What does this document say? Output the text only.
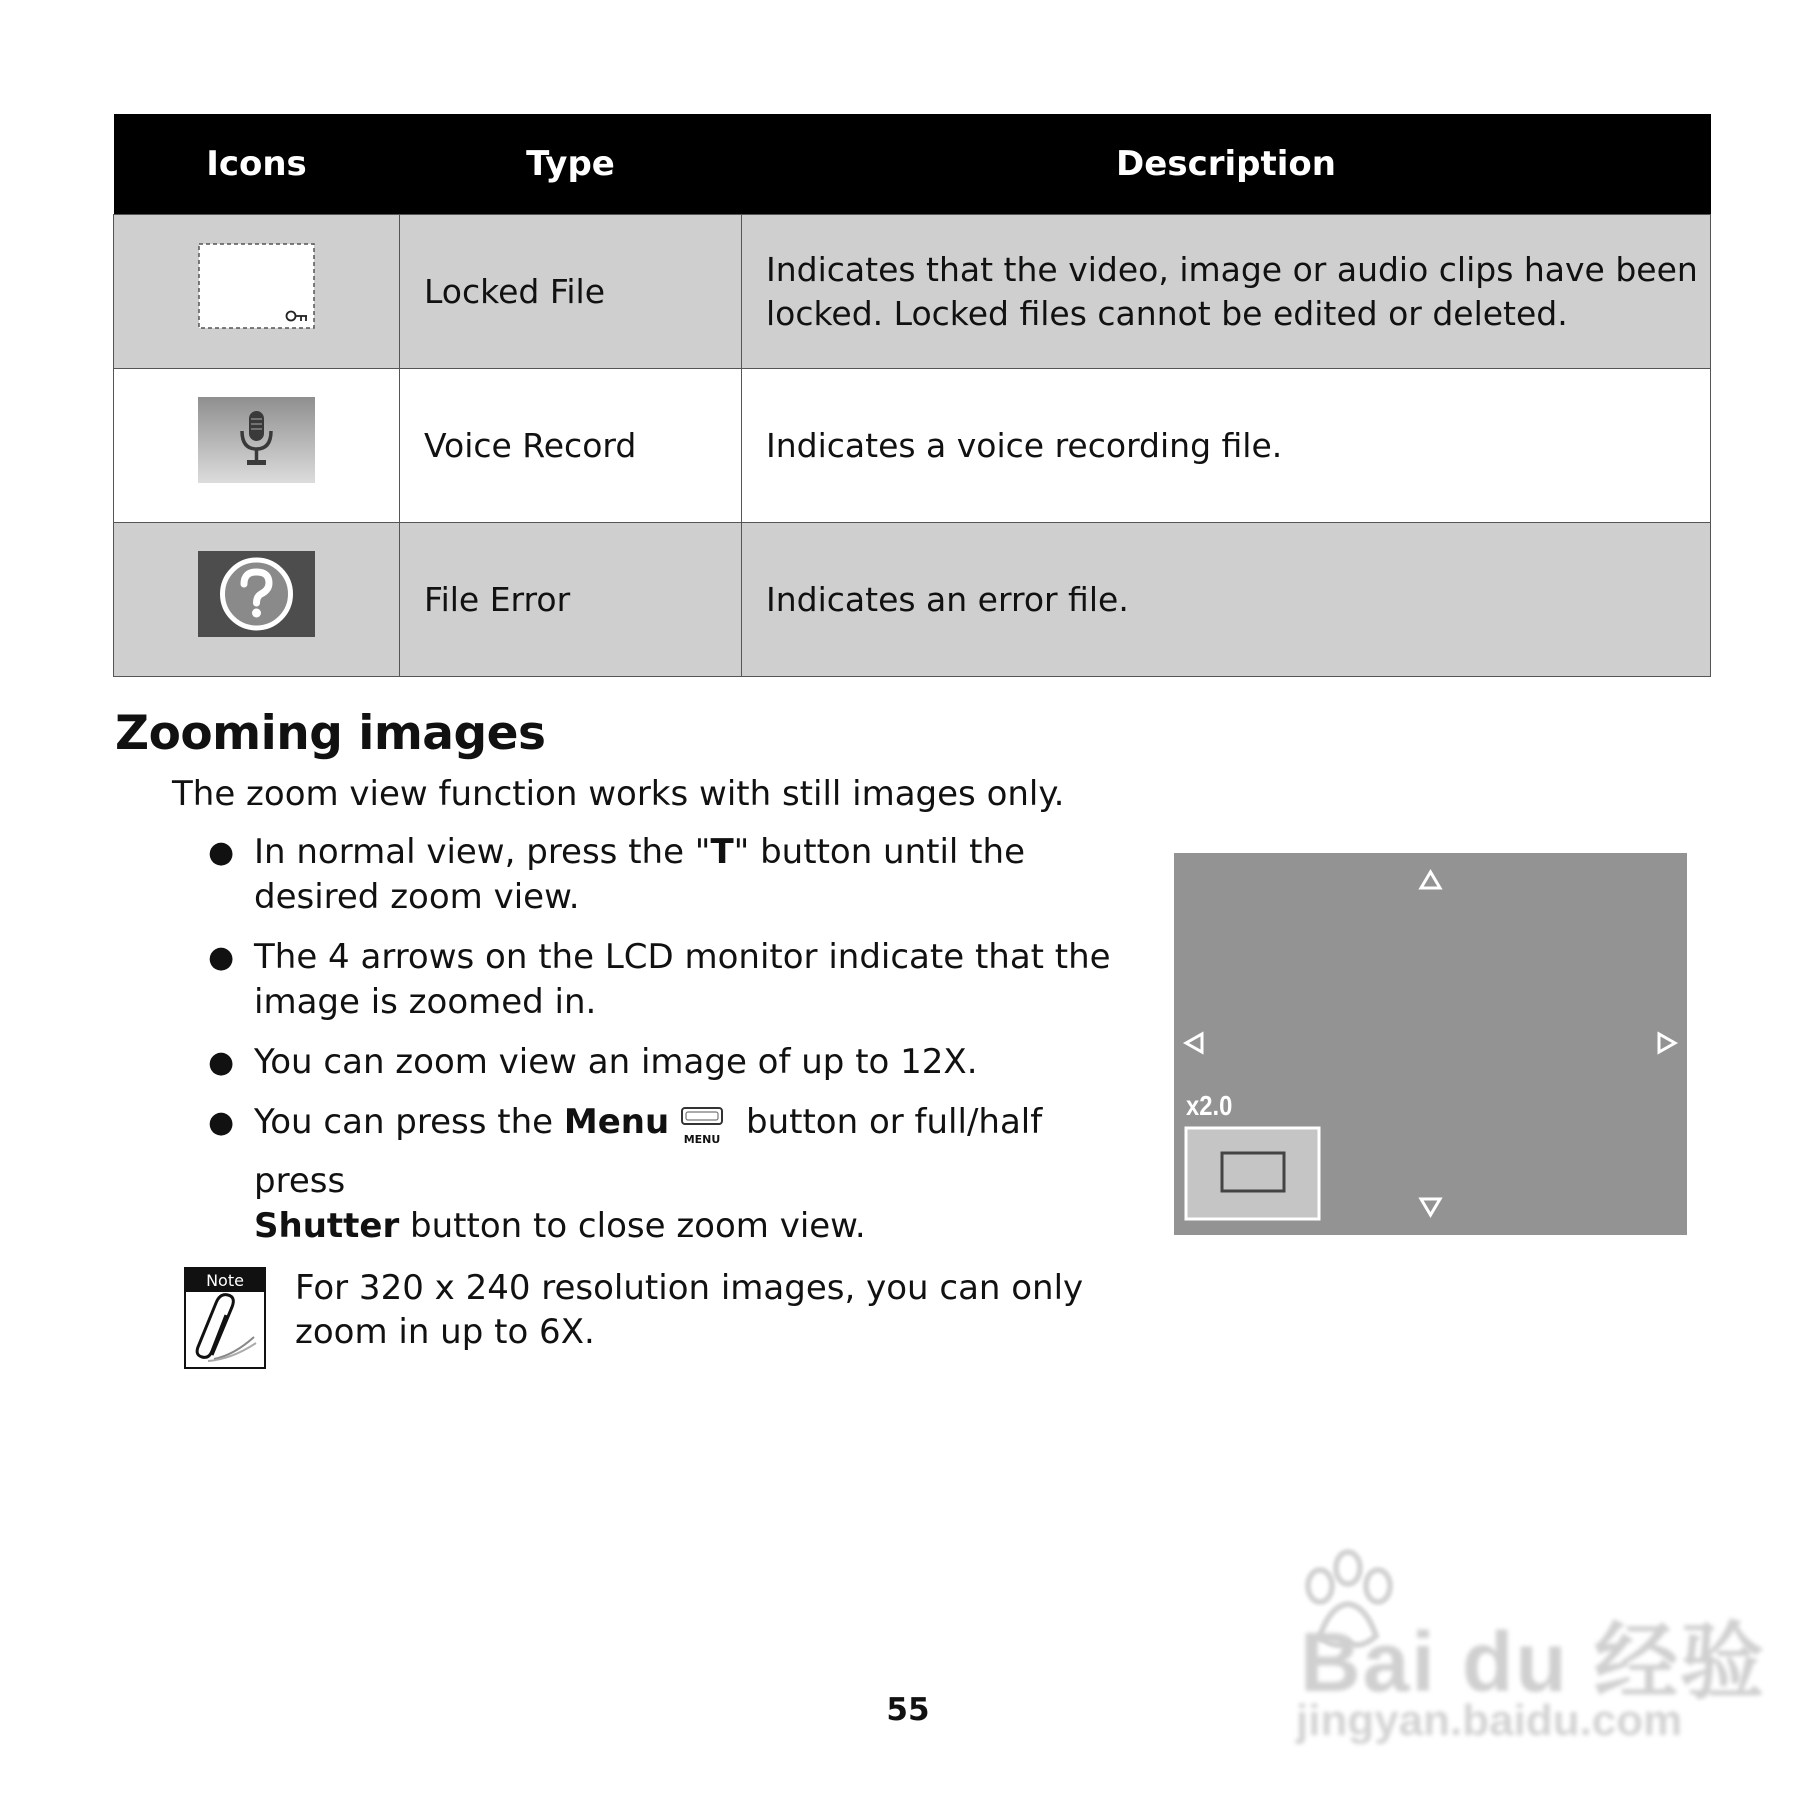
Icons	Type	Description
	Locked File	Indicates that the video, image or audio clips have been locked. Locked files cannot be edited or deleted.
	Voice Record	Indicates a voice recording file.
	File Error	Indicates an error file.
Zooming images
The zoom view function works with still images only.
● In normal view, press the "T" button until the desired zoom view.
● The 4 arrows on the LCD monitor indicate that the image is zoomed in.
● You can zoom view an image of up to 12X.
● You can press the Menu MENU button or full/half press
Shutter button to close zoom view.
x2.0
Note For 320 x 240 resolution images, you can only zoom in up to 6X.
55
Bai du 经验
jingyan.baidu.com
